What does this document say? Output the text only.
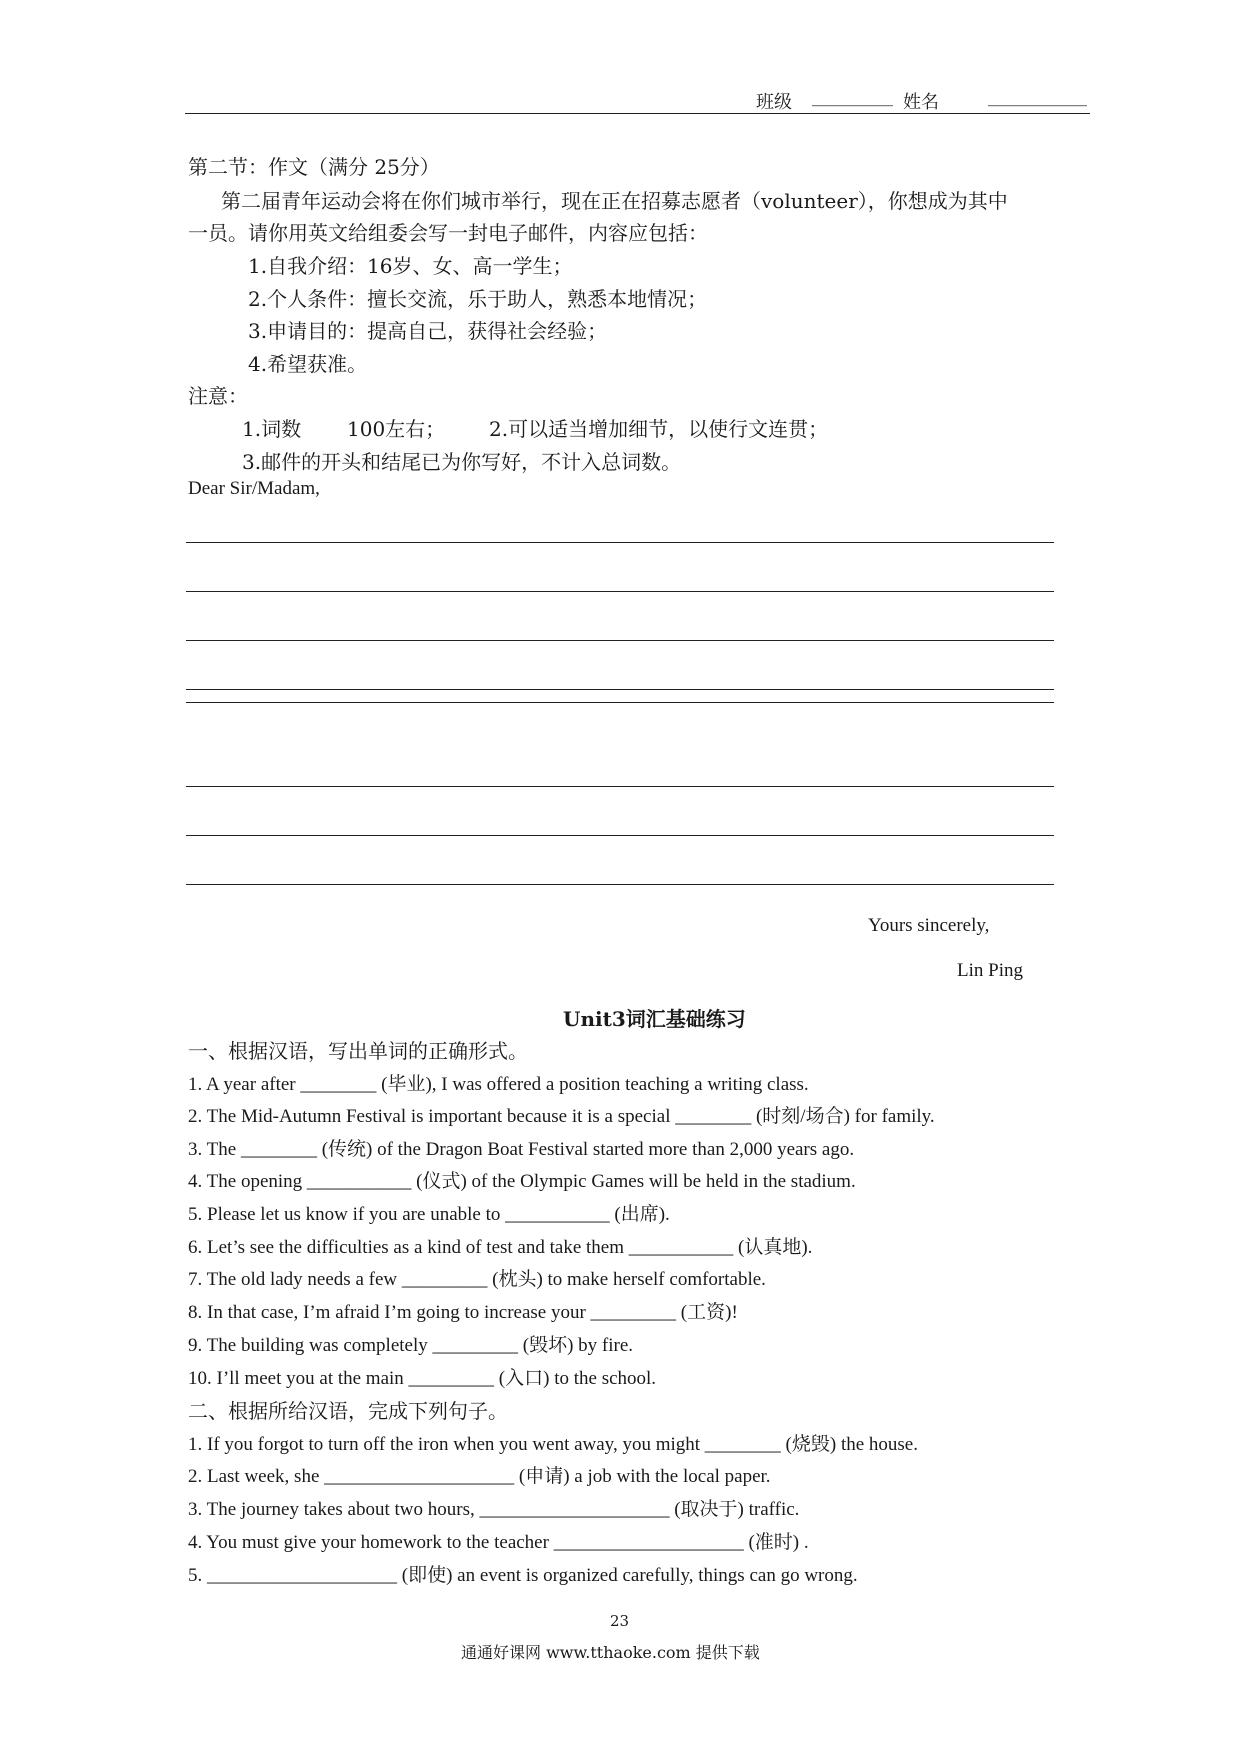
班级 _________ 姓名	___________
第二节：作文（满分 25分）
第二届青年运动会将在你们城市举行，现在正在招募志愿者（volunteer），你想成为其中
一员。请你用英文给组委会写一封电子邮件，内容应包括：
1.自我介绍：16岁、女、高一学生；
2.个人条件：擅长交流，乐于助人，熟悉本地情况；
3.申请目的：提高自己，获得社会经验；
4.希望获准。
注意：
1.词数 100左右； 2.可以适当增加细节，以使行文连贯；
3.邮件的开头和结尾已为你写好，不计入总词数。
Dear Sir/Madam,
Yours sincerely,
Lin Ping
Unit3词汇基础练习
一、根据汉语，写出单词的正确形式。
1. A year after ________ (毕业), I was offered a position teaching a writing class.
2. The Mid-Autumn Festival is important because it is a special ________ (时刻/场合) for family.
3. The ________ (传统) of the Dragon Boat Festival started more than 2,000 years ago.
4. The opening ___________ (仪式) of the Olympic Games will be held in the stadium.
5. Please let us know if you are unable to ___________ (出席).
6. Let’s see the difficulties as a kind of test and take them ___________ (认真地).
7. The old lady needs a few _________ (枕头) to make herself comfortable.
8. In that case, I’m afraid I’m going to increase your _________ (工资)!
9. The building was completely _________ (毁坏) by fire.
10. I’ll meet you at the main _________ (入口) to the school.
二、根据所给汉语，完成下列句子。
1. If you forgot to turn off the iron when you went away, you might ________ (烧毁) the house.
2. Last week, she ____________________ (申请) a job with the local paper.
3. The journey takes about two hours, ____________________ (取决于) traffic.
4. You must give your homework to the teacher ____________________ (准时) .
5. ____________________ (即使) an event is organized carefully, things can go wrong.
23
通通好课网 www.tthaoke.com 提供下载
